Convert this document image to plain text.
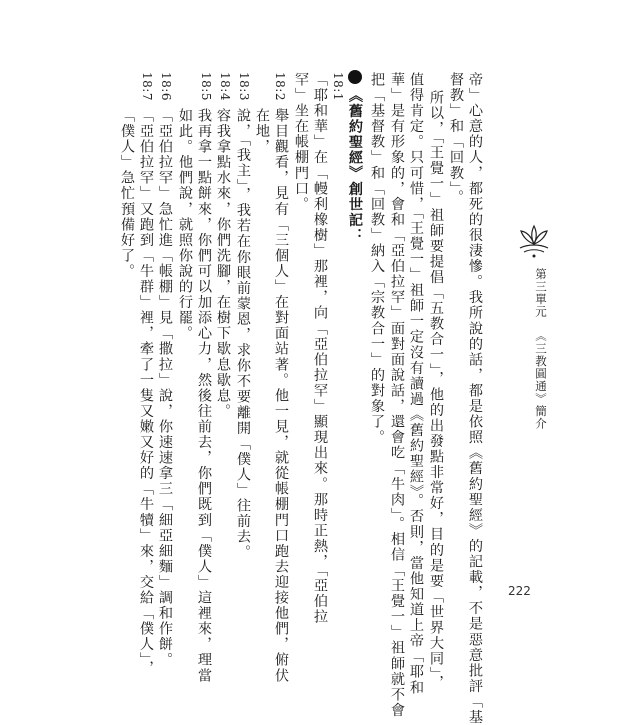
帝」心意的人，都死的很淒慘。我所說的話，都是依照《舊約聖經》的記載，不是惡意批評「基
督教」和「回教」。
所以，「王覺一」祖師要提倡「五教合一」，他的出發點非常好，目的是要「世界大同」，
值得肯定。只可惜，「王覺一」祖師一定沒有讀過《舊約聖經》。否則，當他知道上帝「耶和
華」是有形象的，會和「亞伯拉罕」面對面說話，還會吃「牛肉」。相信「王覺一」祖師就不會
把「基督教」和「回教」納入「宗教合一」的對象了。
《舊約聖經》創世記：
18:1
「耶和華」在「幔利橡樹」那裡，向「亞伯拉罕」顯現出來。那時正熱，「亞伯拉
罕」坐在帳棚門口。
18:2
舉目觀看，見有「三個人」在對面站著。他一見，就從帳棚門口跑去迎接他們，俯伏
在地，
18:3
說，「我主」，我若在你眼前蒙恩，求你不要離開「僕人」往前去。
18:4
容我拿點水來，你們洗腳，在樹下歇息歇息。
18:5
我再拿一點餅來，你們可以加添心力，然後往前去，你們既到「僕人」這裡來，理當
如此。他們說，就照你說的行罷。
18:6
「亞伯拉罕」急忙進「帳棚」見「撒拉」說，你速速拿三「細亞細麵」調和作餅。
18:7
「亞伯拉罕」又跑到「牛群」裡，牽了一隻又嫩又好的「牛犢」來，交給「僕人」，
「僕人」急忙預備好了。
第三單元
《三教圓通》簡介
222
